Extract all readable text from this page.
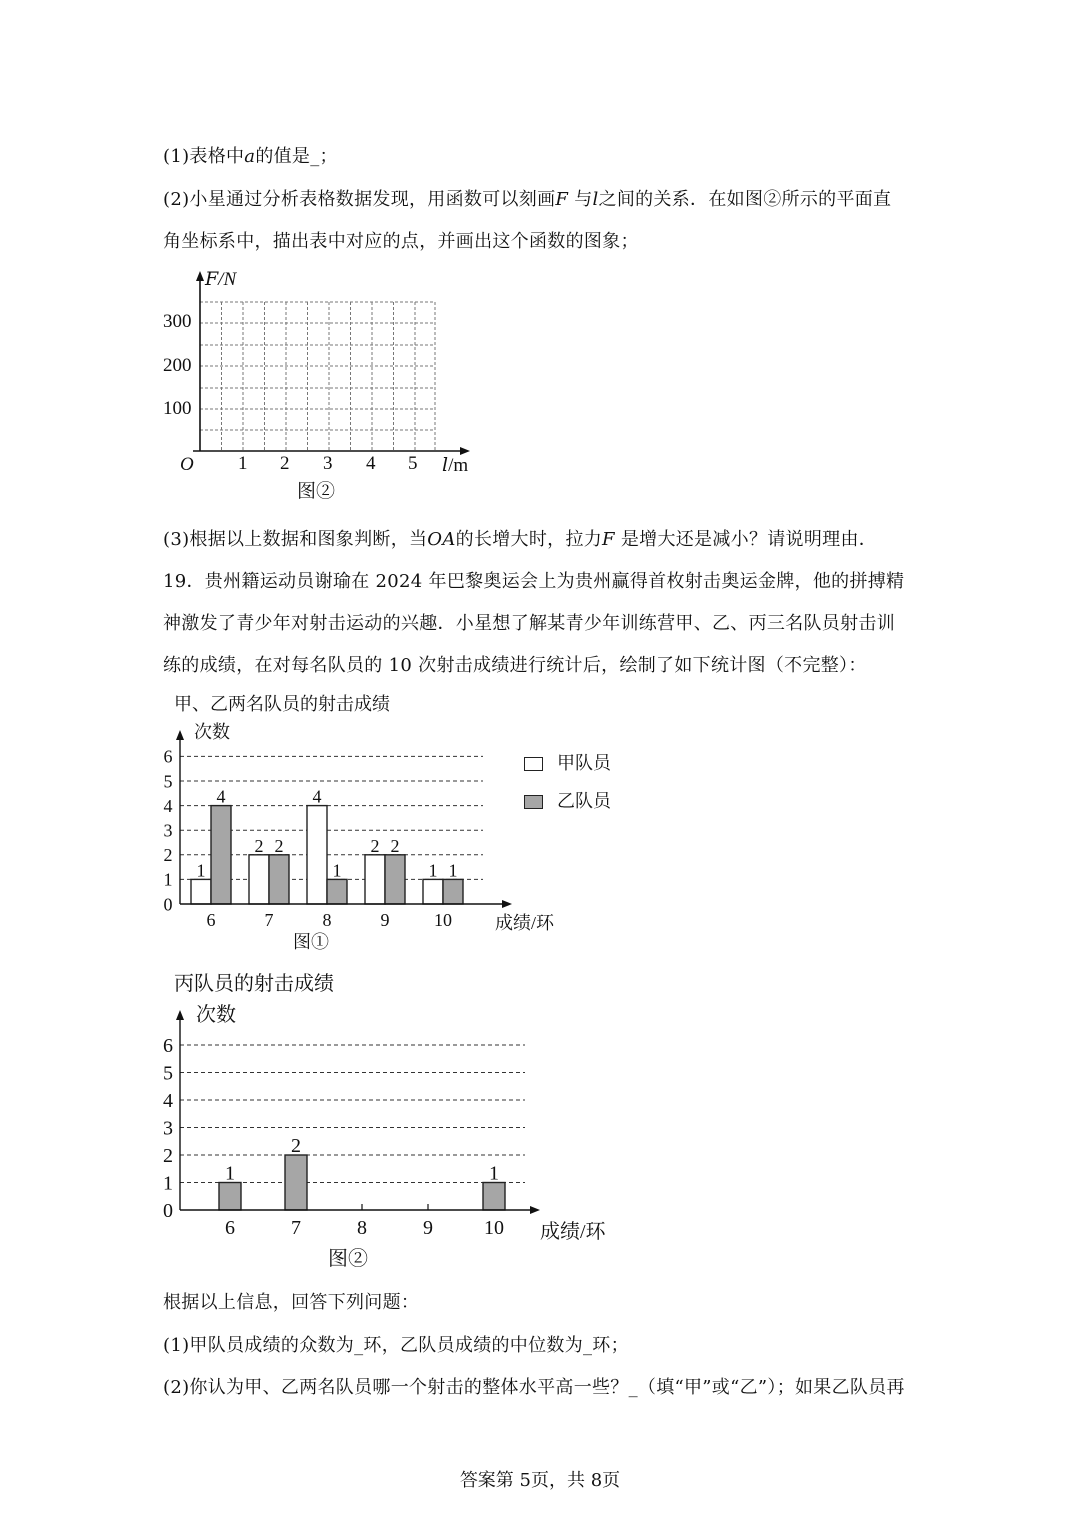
(1)表格中𝑎的值是_；
(2)小星通过分析表格数据发现，用函数可以刻画𝐹 与𝑙之间的关系．在如图②所示的平面直
角坐标系中，描出表中对应的点，并画出这个函数的图象；
𝐹/N
300
200
100
O 1 2 3 4 5 𝑙/m
图②
(3)根据以上数据和图象判断，当𝑂𝐴的长增大时，拉力𝐹 是增大还是减小？请说明理由．
19．贵州籍运动员谢瑜在 2024 年巴黎奥运会上为贵州赢得首枚射击奥运金牌，他的拼搏精
神激发了青少年对射击运动的兴趣．小星想了解某青少年训练营甲、乙、丙三名队员射击训
练的成绩，在对每名队员的 10 次射击成绩进行统计后，绘制了如下统计图（不完整）：
甲、乙两名队员的射击成绩
次数
1
4
2 2
4
1
2 2
1 1
0
1
2
3
4
5
6
6	7	8	9 10 成绩/环
图①
甲队员
乙队员
丙队员的射击成绩
次数
1
2
1
0
1
2
3
4
5
6
6	7	8	9	10 成绩/环
图②
根据以上信息，回答下列问题：
(1)甲队员成绩的众数为_环，乙队员成绩的中位数为_环；
(2)你认为甲、乙两名队员哪一个射击的整体水平高一些？_（填“甲”或“乙”）；如果乙队员再
答案第 5页，共 8页
